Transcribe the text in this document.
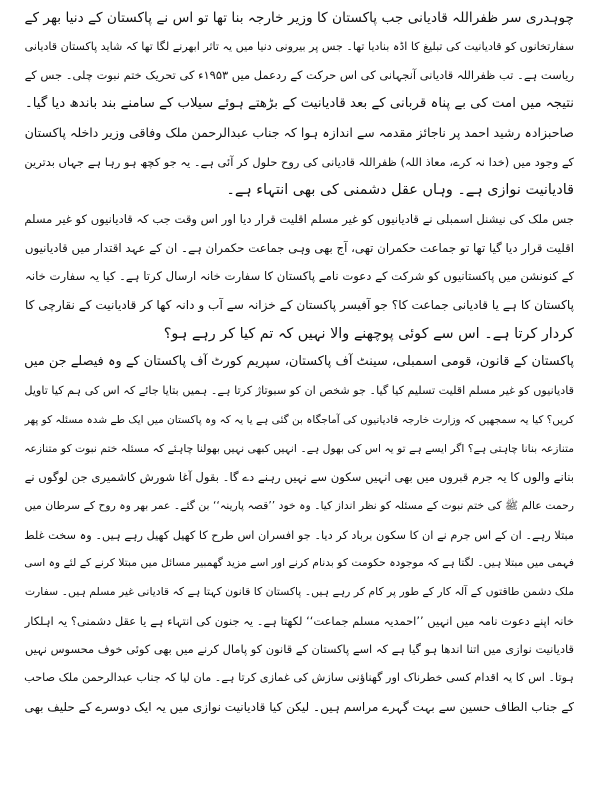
چوہدری سر ظفراللہ قادیانی جب پاکستان کا وزیر خارجہ بنا تھا تو اس نے پاکستان کے دنیا بھر کے
سفارتخانوں کو قادیانیت کی تبلیغ کا اڈہ بنادیا تھا۔ جس پر بیرونی دنیا میں یہ تاثر ابھرنے لگا تھا کہ شاید پاکستان قادیانی
ریاست ہے۔ تب ظفراللہ قادیانی آنجہانی کی اس حرکت کے ردعمل میں ۱۹۵۳ء کی تحریک ختم نبوت چلی۔ جس کے
نتیجہ میں امت کی بے پناہ قربانی کے بعد قادیانیت کے بڑھتے ہوئے سیلاب کے سامنے بند باندھ دیا گیا۔
صاحبزادہ رشید احمد پر ناجائز مقدمہ سے اندازہ ہوا کہ جناب عبدالرحمن ملک وفاقی وزیر داخلہ پاکستان
کے وجود میں (خدا نہ کرے، معاذ اللہ) ظفراللہ قادیانی کی روح حلول کر آئی ہے۔ یہ جو کچھ ہو رہا ہے جہاں بدترین
قادیانیت نوازی ہے۔ وہاں عقل دشمنی کی بھی انتہاء ہے۔
جس ملک کی نیشنل اسمبلی نے قادیانیوں کو غیر مسلم اقلیت قرار دیا اور اس وقت جب کہ قادیانیوں کو غیر مسلم
اقلیت قرار دیا گیا تھا تو جماعت حکمران تھی، آج بھی وہی جماعت حکمران ہے۔ ان کے عہد اقتدار میں قادیانیوں
کے کنونشن میں پاکستانیوں کو شرکت کے دعوت نامے پاکستان کا سفارت خانہ ارسال کرتا ہے۔ کیا یہ سفارت خانہ
پاکستان کا ہے یا قادیانی جماعت کا؟ جو آفیسر پاکستان کے خزانہ سے آب و دانہ کھا کر قادیانیت کے نقارچی کا
کردار کرتا ہے۔ اس سے کوئی پوچھنے والا نہیں کہ تم کیا کر رہے ہو؟
پاکستان کے قانون، قومی اسمبلی، سینٹ آف پاکستان، سپریم کورٹ آف پاکستان کے وہ فیصلے جن میں
قادیانیوں کو غیر مسلم اقلیت تسلیم کیا گیا۔ جو شخص ان کو سبوتاژ کرتا ہے۔ ہمیں بتایا جائے کہ اس کی ہم کیا تاویل
کریں؟ کیا یہ سمجھیں کہ وزارت خارجہ قادیانیوں کی آماجگاہ بن گئی ہے یا یہ کہ وہ پاکستان میں ایک طے شدہ مسئلہ کو پھر
متنازعہ بنانا چاہتی ہے؟ اگر ایسے ہے تو یہ اس کی بھول ہے۔ انہیں کبھی نہیں بھولنا چاہئے کہ مسئلہ ختم نبوت کو متنازعہ
بنانے والوں کا یہ جرم قبروں میں بھی انہیں سکون سے نہیں رہنے دے گا۔ بقول آغا شورش کاشمیری جن لوگوں نے
رحمت عالم ﷺ کی ختم نبوت کے مسئلہ کو نظر انداز کیا۔ وہ خود ’’قصہ پارینہ‘‘ بن گئے۔ عمر بھر وہ روح کے سرطان میں
مبتلا رہے۔ ان کے اس جرم نے ان کا سکون برباد کر دیا۔ جو افسران اس طرح کا کھیل کھیل رہے ہیں۔ وہ سخت غلط
فہمی میں مبتلا ہیں۔ لگتا ہے کہ موجودہ حکومت کو بدنام کرنے اور اسے مزید گھمبیر مسائل میں مبتلا کرنے کے لئے وہ اسی
ملک دشمن طاقتوں کے آلہ کار کے طور پر کام کر رہے ہیں۔ پاکستان کا قانون کہتا ہے کہ قادیانی غیر مسلم ہیں۔ سفارت
خانہ اپنے دعوت نامہ میں انہیں ’’احمدیہ مسلم جماعت‘‘ لکھتا ہے۔ یہ جنون کی انتہاء ہے یا عقل دشمنی؟ یہ اہلکار
قادیانیت نوازی میں اتنا اندھا ہو گیا ہے کہ اسے پاکستان کے قانون کو پامال کرنے میں بھی کوئی خوف محسوس نہیں
ہوتا۔ اس کا یہ اقدام کسی خطرناک اور گھناؤنی سازش کی غمازی کرتا ہے۔ مان لیا کہ جناب عبدالرحمن ملک صاحب
کے جناب الطاف حسین سے بہت گہرے مراسم ہیں۔ لیکن کیا قادیانیت نوازی میں یہ ایک دوسرے کے حلیف بھی
